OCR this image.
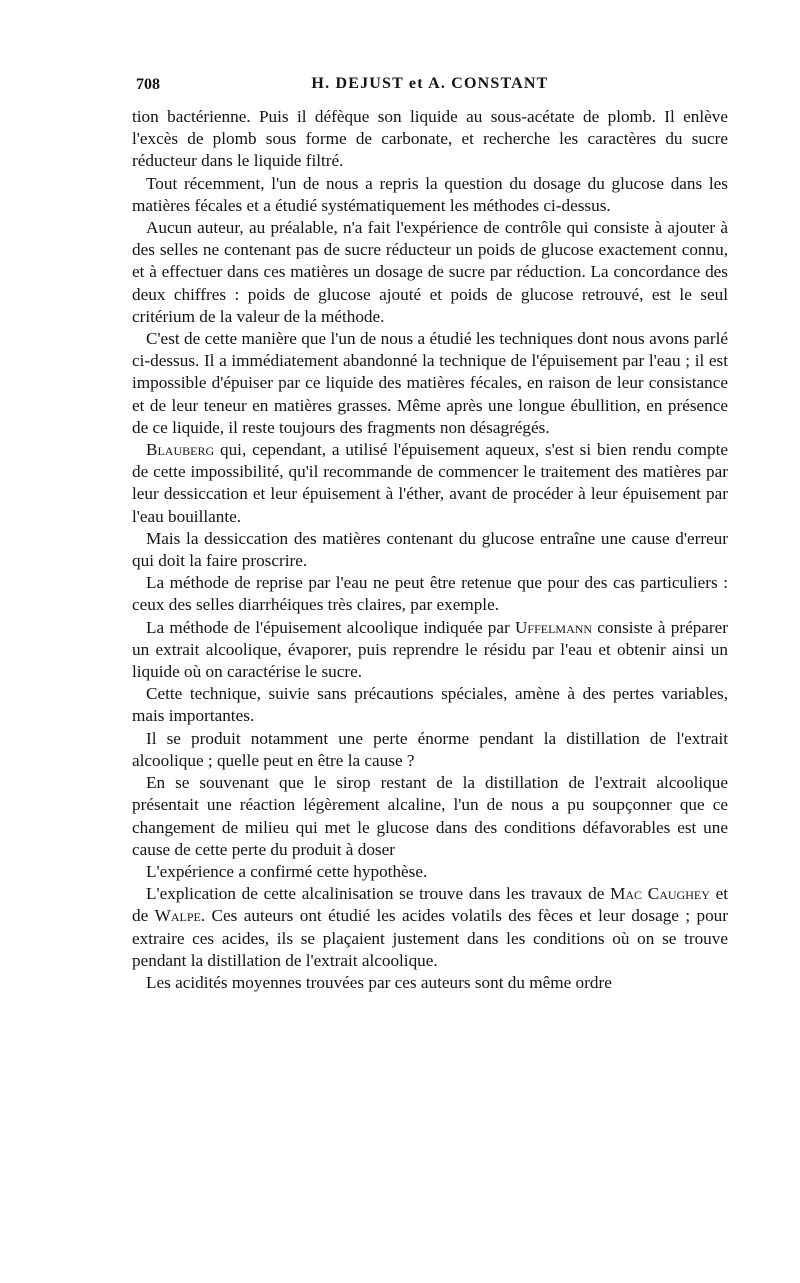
708	H. DEJUST et A. CONSTANT

tion bactérienne. Puis il défèque son liquide au sous-acétate de plomb. Il enlève l'excès de plomb sous forme de carbonate, et recherche les caractères du sucre réducteur dans le liquide filtré.

Tout récemment, l'un de nous a repris la question du dosage du glucose dans les matières fécales et a étudié systématiquement les méthodes ci-dessus.

Aucun auteur, au préalable, n'a fait l'expérience de contrôle qui consiste à ajouter à des selles ne contenant pas de sucre réducteur un poids de glucose exactement connu, et à effectuer dans ces matières un dosage de sucre par réduction. La concordance des deux chiffres : poids de glucose ajouté et poids de glucose retrouvé, est le seul critérium de la valeur de la méthode.

C'est de cette manière que l'un de nous a étudié les techniques dont nous avons parlé ci-dessus. Il a immédiatement abandonné la technique de l'épuisement par l'eau ; il est impossible d'épuiser par ce liquide des matières fécales, en raison de leur consistance et de leur teneur en matières grasses. Même après une longue ébullition, en présence de ce liquide, il reste toujours des fragments non désagrégés.

Blauberg qui, cependant, a utilisé l'épuisement aqueux, s'est si bien rendu compte de cette impossibilité, qu'il recommande de commencer le traitement des matières par leur dessiccation et leur épuisement à l'éther, avant de procéder à leur épuisement par l'eau bouillante.

Mais la dessiccation des matières contenant du glucose entraîne une cause d'erreur qui doit la faire proscrire.

La méthode de reprise par l'eau ne peut être retenue que pour des cas particuliers : ceux des selles diarrhéiques très claires, par exemple.

La méthode de l'épuisement alcoolique indiquée par Uffelmann consiste à préparer un extrait alcoolique, évaporer, puis reprendre le résidu par l'eau et obtenir ainsi un liquide où on caractérise le sucre.

Cette technique, suivie sans précautions spéciales, amène à des pertes variables, mais importantes.

Il se produit notamment une perte énorme pendant la distillation de l'extrait alcoolique ; quelle peut en être la cause ?

En se souvenant que le sirop restant de la distillation de l'extrait alcoolique présentait une réaction légèrement alcaline, l'un de nous a pu soupçonner que ce changement de milieu qui met le glucose dans des conditions défavorables est une cause de cette perte du produit à doser

L'expérience a confirmé cette hypothèse.

L'explication de cette alcalinisation se trouve dans les travaux de Mac Caughey et de Walpe. Ces auteurs ont étudié les acides volatils des fèces et leur dosage ; pour extraire ces acides, ils se plaçaient justement dans les conditions où on se trouve pendant la distillation de l'extrait alcoolique.

Les acidités moyennes trouvées par ces auteurs sont du même ordre
